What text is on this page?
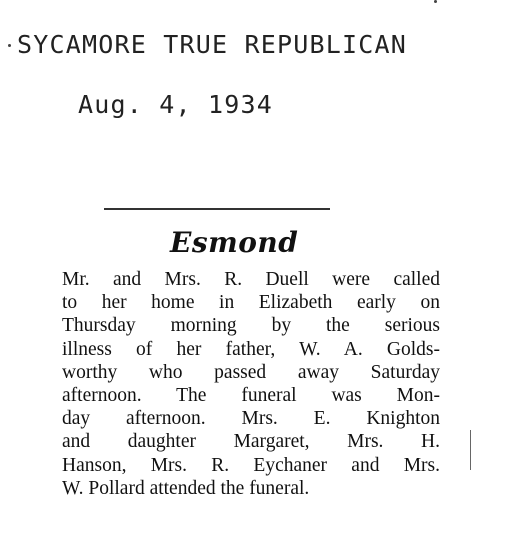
SYCAMORE TRUE REPUBLICAN
Aug. 4, 1934
Esmond
Mr. and Mrs. R. Duell were called
to her home in Elizabeth early on
Thursday morning by the serious
illness of her father, W. A. Golds-
worthy who passed away Saturday
afternoon. The funeral was Mon-
day afternoon. Mrs. E. Knighton
and daughter Margaret, Mrs. H.
Hanson, Mrs. R. Eychaner and Mrs.
W. Pollard attended the funeral.
